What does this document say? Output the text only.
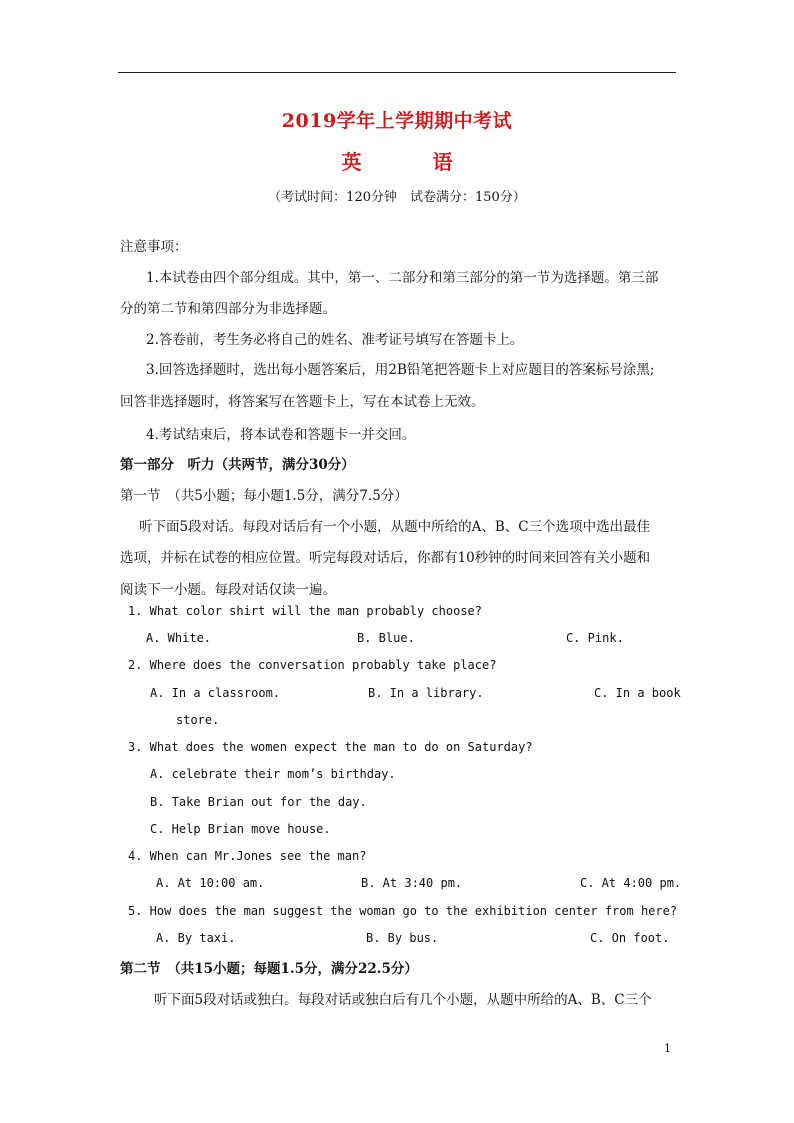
2019学年上学期期中考试
英 语
（考试时间：120分钟　试卷满分：150分）
注意事项：
1.本试卷由四个部分组成。其中，第一、二部分和第三部分的第一节为选择题。第三部
分的第二节和第四部分为非选择题。
2.答卷前，考生务必将自己的姓名、准考证号填写在答题卡上。
3.回答选择题时，选出每小题答案后，用2B铅笔把答题卡上对应题目的答案标号涂黑;
回答非选择题时，将答案写在答题卡上，写在本试卷上无效。
4.考试结束后，将本试卷和答题卡一并交回。
第一部分　听力（共两节，满分30分）
第一节　（共5小题；每小题1.5分，满分7.5分）
听下面5段对话。每段对话后有一个小题，从题中所给的A、B、C三个选项中选出最佳
选项，并标在试卷的相应位置。听完每段对话后，你都有10秒钟的时间来回答有关小题和
阅读下一小题。每段对话仅读一遍。
1. What color shirt will the man probably choose?
A. White.	B. Blue.	C. Pink.
2. Where does the conversation probably take place?
A. In a classroom.	B. In a library.	C. In a book
store.
3. What does the women expect the man to do on Saturday?
A. celebrate their mom’s birthday.
B. Take Brian out for the day.
C. Help Brian move house.
4. When can Mr.Jones see the man?
A. At 10:00 am.	B. At 3:40 pm.	C. At 4:00 pm.
5. How does the man suggest the woman go to the exhibition center from here?
A. By taxi.	B. By bus.	C. On foot.
第二节　（共15小题；每题1.5分，满分22.5分）
听下面5段对话或独白。每段对话或独白后有几个小题，从题中所给的A、B、C三个
1
